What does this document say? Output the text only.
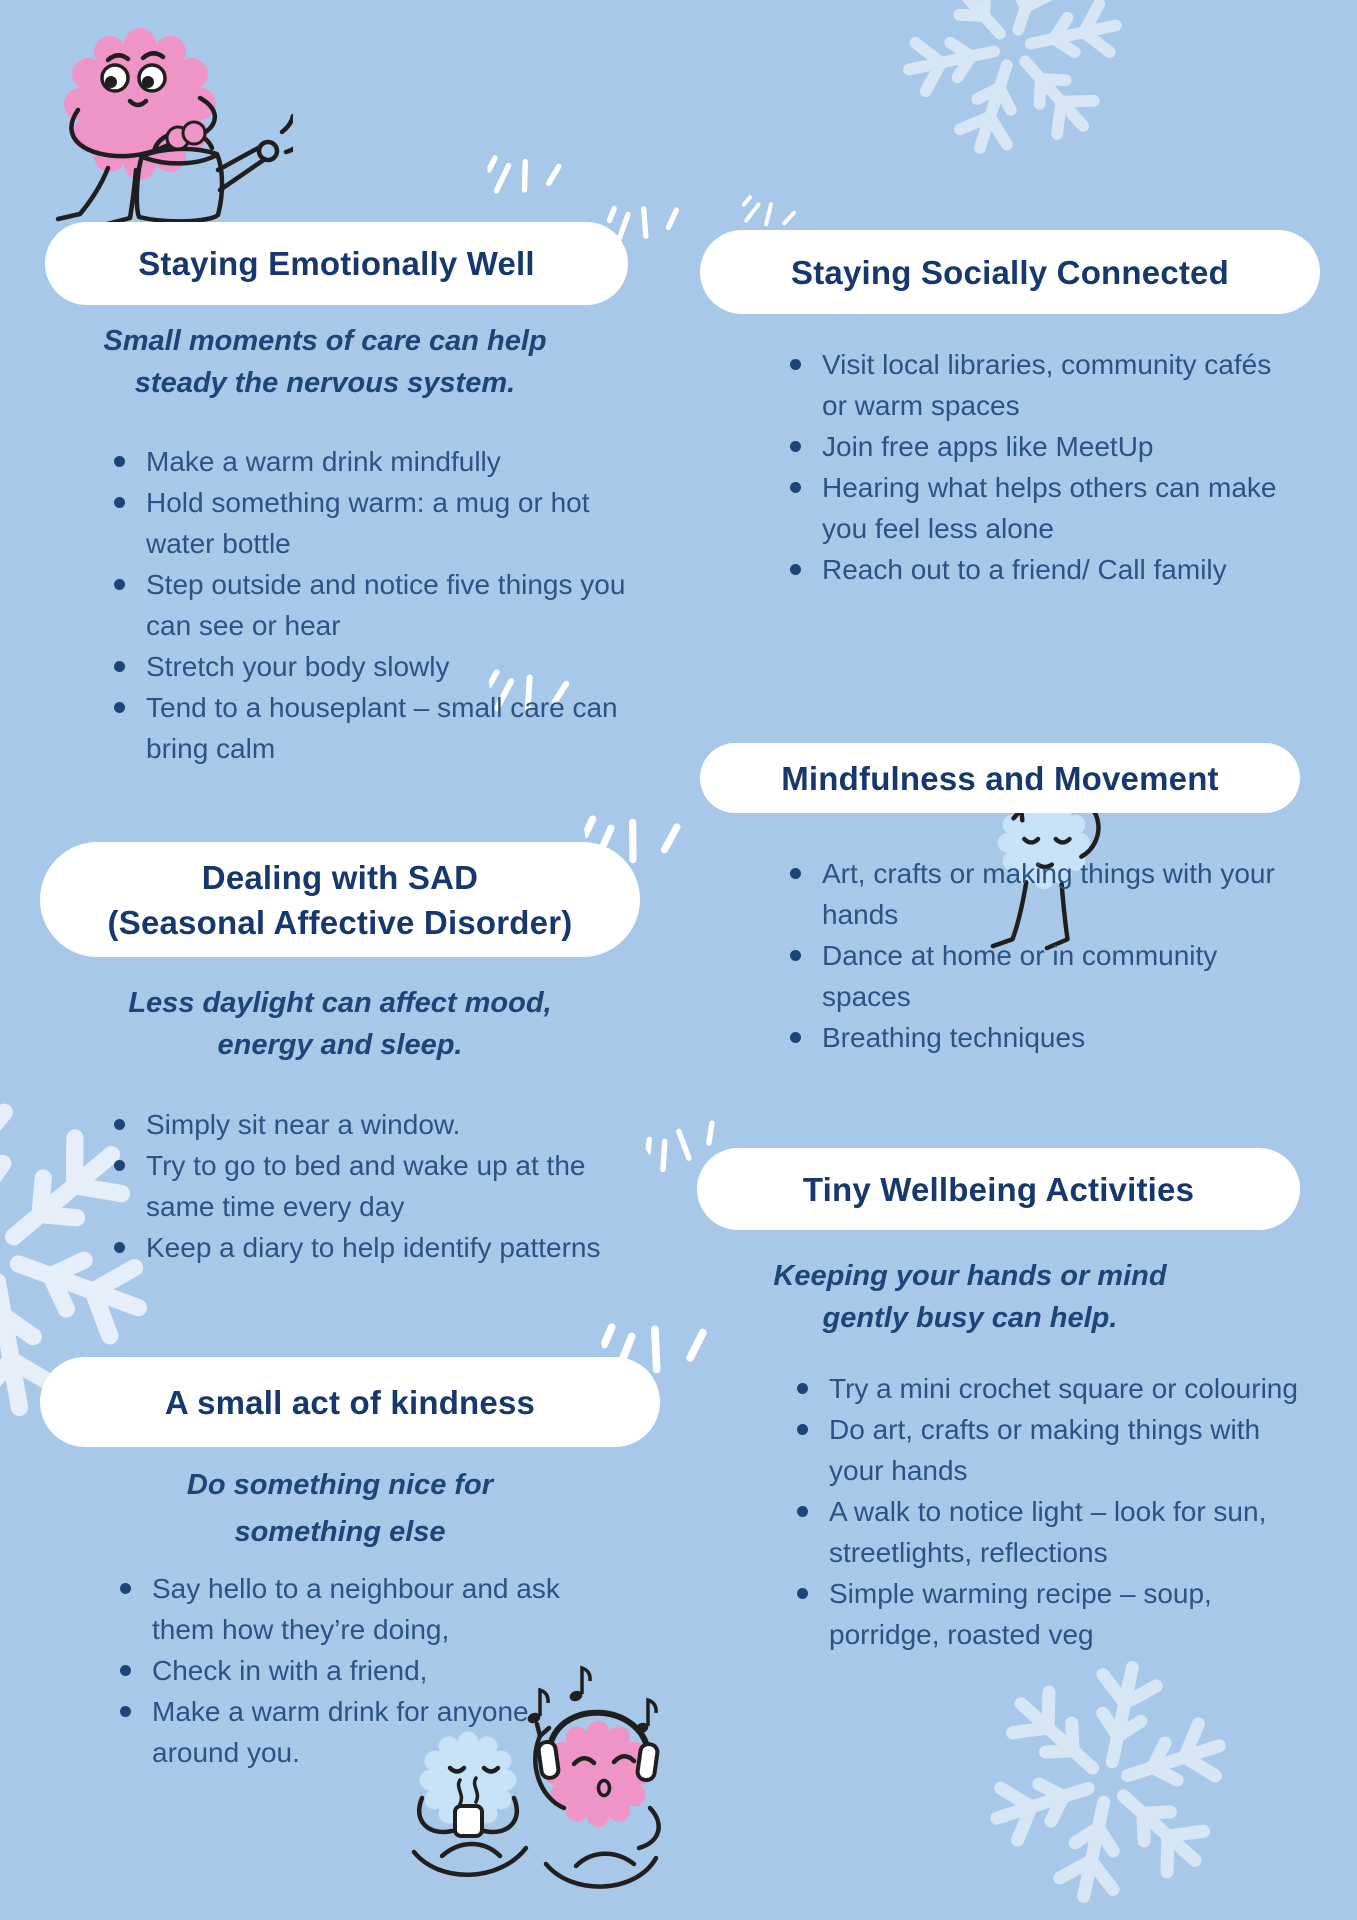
Staying Emotionally Well
Small moments of care can help
steady the nervous system.
Make a warm drink mindfully
Hold something warm: a mug or hot water bottle
Step outside and notice five things you can see or hear
Stretch your body slowly
Tend to a houseplant – small care can bring calm
Staying Socially Connected
Visit local libraries, community cafés or warm spaces
Join free apps like MeetUp
Hearing what helps others can make you feel less alone
Reach out to a friend/ Call family
Dealing with SAD
(Seasonal Affective Disorder)
Less daylight can affect mood,
energy and sleep.
Simply sit near a window.
Try to go to bed and wake up at the same time every day
Keep a diary to help identify patterns
Mindfulness and Movement
Art, crafts or making things with your hands
Dance at home or in community spaces
Breathing techniques
A small act of kindness
Do something nice for
something else
Say hello to a neighbour and ask them how they’re doing,
Check in with a friend,
Make a warm drink for anyone around you.
Tiny Wellbeing Activities
Keeping your hands or mind
gently busy can help.
Try a mini crochet square or colouring
Do art, crafts or making things with your hands
A walk to notice light – look for sun, streetlights, reflections
Simple warming recipe – soup, porridge, roasted veg
